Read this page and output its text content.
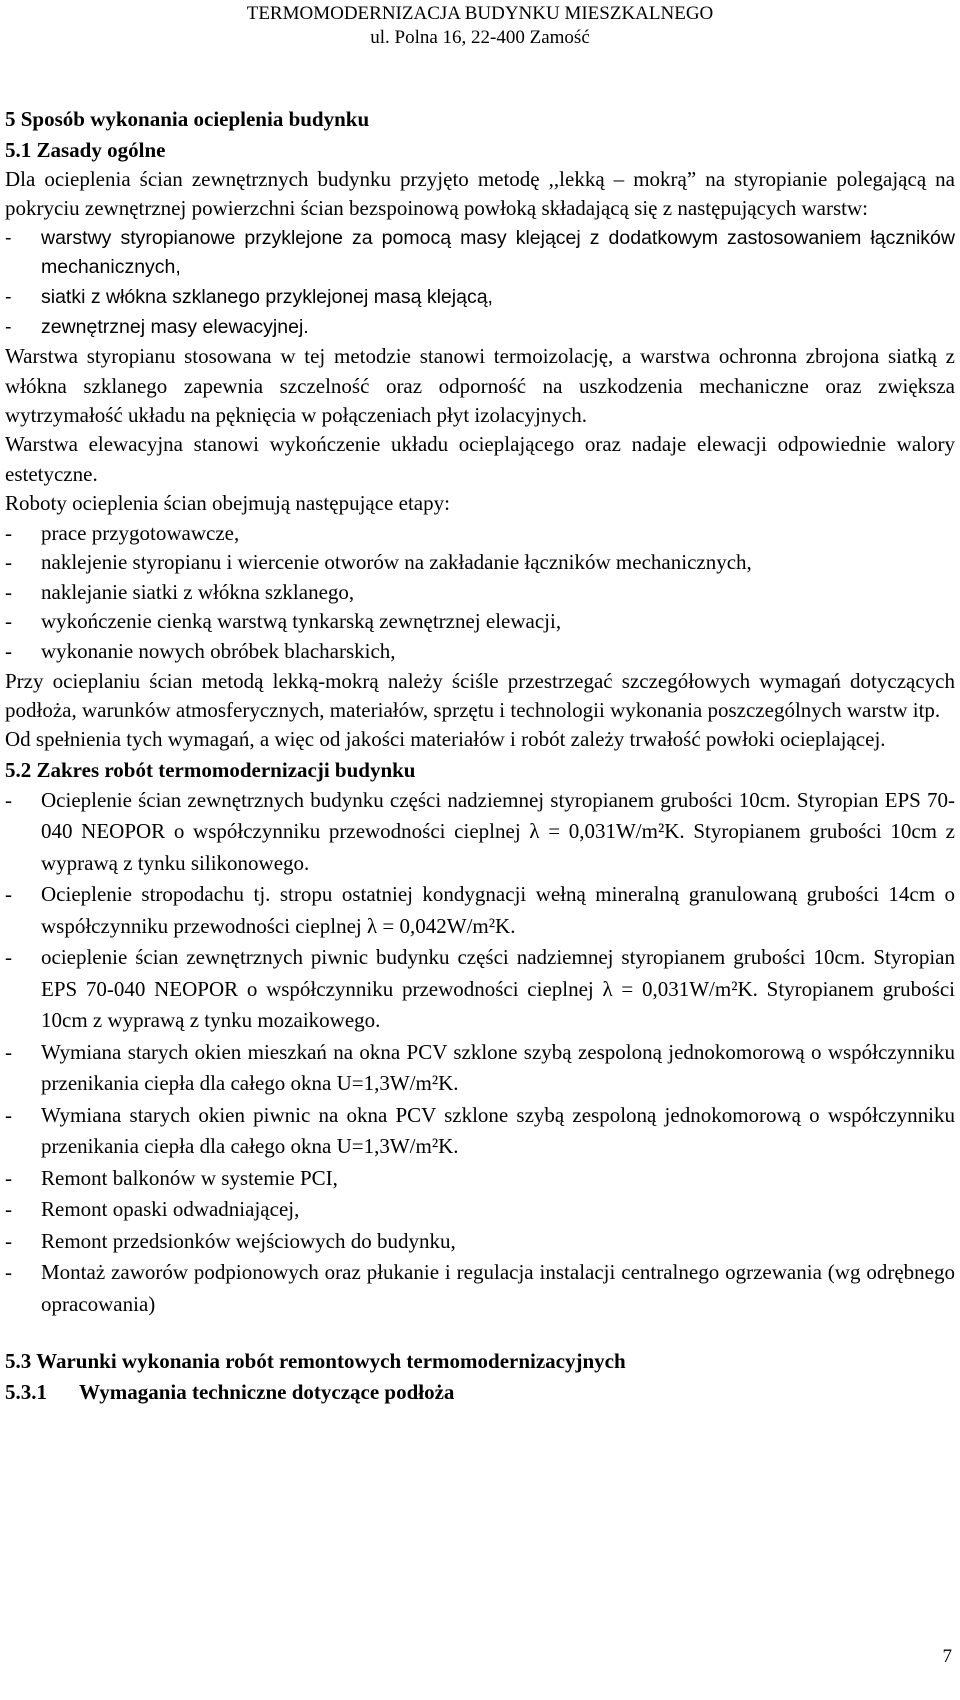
TERMOMODERNIZACJA BUDYNKU MIESZKALNEGO
ul. Polna 16, 22-400 Zamość
5 Sposób wykonania ocieplenia budynku
5.1 Zasady ogólne
Dla ocieplenia ścian zewnętrznych budynku przyjęto metodę ,,lekką – mokrą” na styropianie polegającą na pokryciu zewnętrznej powierzchni ścian bezspoinową powłoką składającą się z następujących warstw:
-	warstwy styropianowe przyklejone za pomocą masy klejącej z dodatkowym zastosowaniem łączników mechanicznych,
-	siatki z włókna szklanego przyklejonej masą klejącą,
-	zewnętrznej masy elewacyjnej.
Warstwa styropianu stosowana w tej metodzie stanowi termoizolację, a warstwa ochronna zbrojona siatką z włókna szklanego zapewnia szczelność oraz odporność na uszkodzenia mechaniczne oraz zwiększa wytrzymałość układu na pęknięcia w połączeniach płyt izolacyjnych.
Warstwa elewacyjna stanowi wykończenie układu ocieplającego oraz nadaje elewacji odpowiednie walory estetyczne.
Roboty ocieplenia ścian obejmują następujące etapy:
-	prace przygotowawcze,
-	naklejenie styropianu i wiercenie otworów na zakładanie łączników mechanicznych,
-	naklejanie siatki z włókna szklanego,
-	wykończenie cienką warstwą tynkarską zewnętrznej elewacji,
-	wykonanie nowych obróbek blacharskich,
Przy ocieplaniu ścian metodą lekką-mokrą należy ściśle przestrzegać szczegółowych wymagań dotyczących podłoża, warunków atmosferycznych, materiałów, sprzętu i technologii wykonania poszczególnych warstw itp.
Od spełnienia tych wymagań, a więc od jakości materiałów i robót zależy trwałość powłoki ocieplającej.
5.2 Zakres robót termomodernizacji budynku
-	Ocieplenie ścian zewnętrznych budynku części nadziemnej styropianem grubości 10cm. Styropian EPS 70-040 NEOPOR o współczynniku przewodności cieplnej λ = 0,031W/m²K. Styropianem grubości 10cm z wyprawą z tynku silikonowego.
-	Ocieplenie stropodachu tj. stropu ostatniej kondygnacji wełną mineralną granulowaną grubości 14cm o współczynniku przewodności cieplnej λ = 0,042W/m²K.
-	ocieplenie ścian zewnętrznych piwnic budynku części nadziemnej styropianem grubości 10cm. Styropian EPS 70-040 NEOPOR o współczynniku przewodności cieplnej λ = 0,031W/m²K. Styropianem grubości 10cm z wyprawą z tynku mozaikowego.
-	Wymiana starych okien mieszkań na okna PCV szklone szybą zespoloną jednokomorową o współczynniku przenikania ciepła dla całego okna U=1,3W/m²K.
-	Wymiana starych okien piwnic na okna PCV szklone szybą zespoloną jednokomorową o współczynniku przenikania ciepła dla całego okna U=1,3W/m²K.
-	Remont balkonów w systemie PCI,
-	Remont opaski odwadniającej,
-	Remont przedsionków wejściowych do budynku,
-	Montaż zaworów podpionowych oraz płukanie i regulacja instalacji centralnego ogrzewania (wg odrębnego opracowania)
5.3 Warunki wykonania robót remontowych termomodernizacyjnych
5.3.1 Wymagania techniczne dotyczące podłoża
7
